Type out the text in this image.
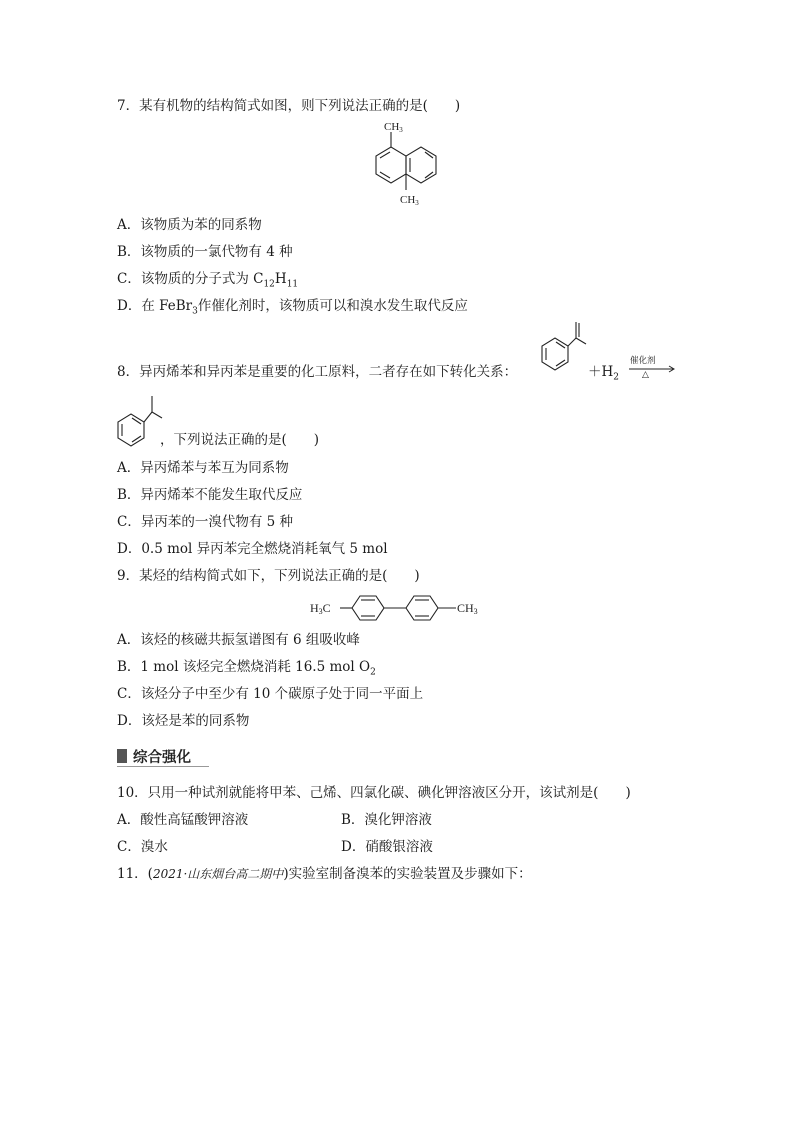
7．某有机物的结构简式如图，则下列说法正确的是(　　)
CH3
CH3
A．该物质为苯的同系物
B．该物质的一氯代物有 4 种
C．该物质的分子式为 $C_{12}H_{11}$
D．在 FeBr$_3$作催化剂时，该物质可以和溴水发生取代反应
8．异丙烯苯和异丙苯是重要的化工原料，二者存在如下转化关系：	$+H_2$
催化剂
△
，下列说法正确的是(　　)
A．异丙烯苯与苯互为同系物
B．异丙烯苯不能发生取代反应
C．异丙苯的一溴代物有 5 种
D．0.5 mol 异丙苯完全燃烧消耗氧气 5 mol
9．某烃的结构简式如下，下列说法正确的是(　　)
H3C	CH3
A．该烃的核磁共振氢谱图有 6 组吸收峰
B．1 mol 该烃完全燃烧消耗 16.5 mol $O_2$
C．该烃分子中至少有 10 个碳原子处于同一平面上
D．该烃是苯的同系物
综合强化
10．只用一种试剂就能将甲苯、己烯、四氯化碳、碘化钾溶液区分开，该试剂是(　　)
A．酸性高锰酸钾溶液	B．溴化钾溶液
C．溴水	D．硝酸银溶液
11．(2021·山东烟台高二期中)实验室制备溴苯的实验装置及步骤如下：
